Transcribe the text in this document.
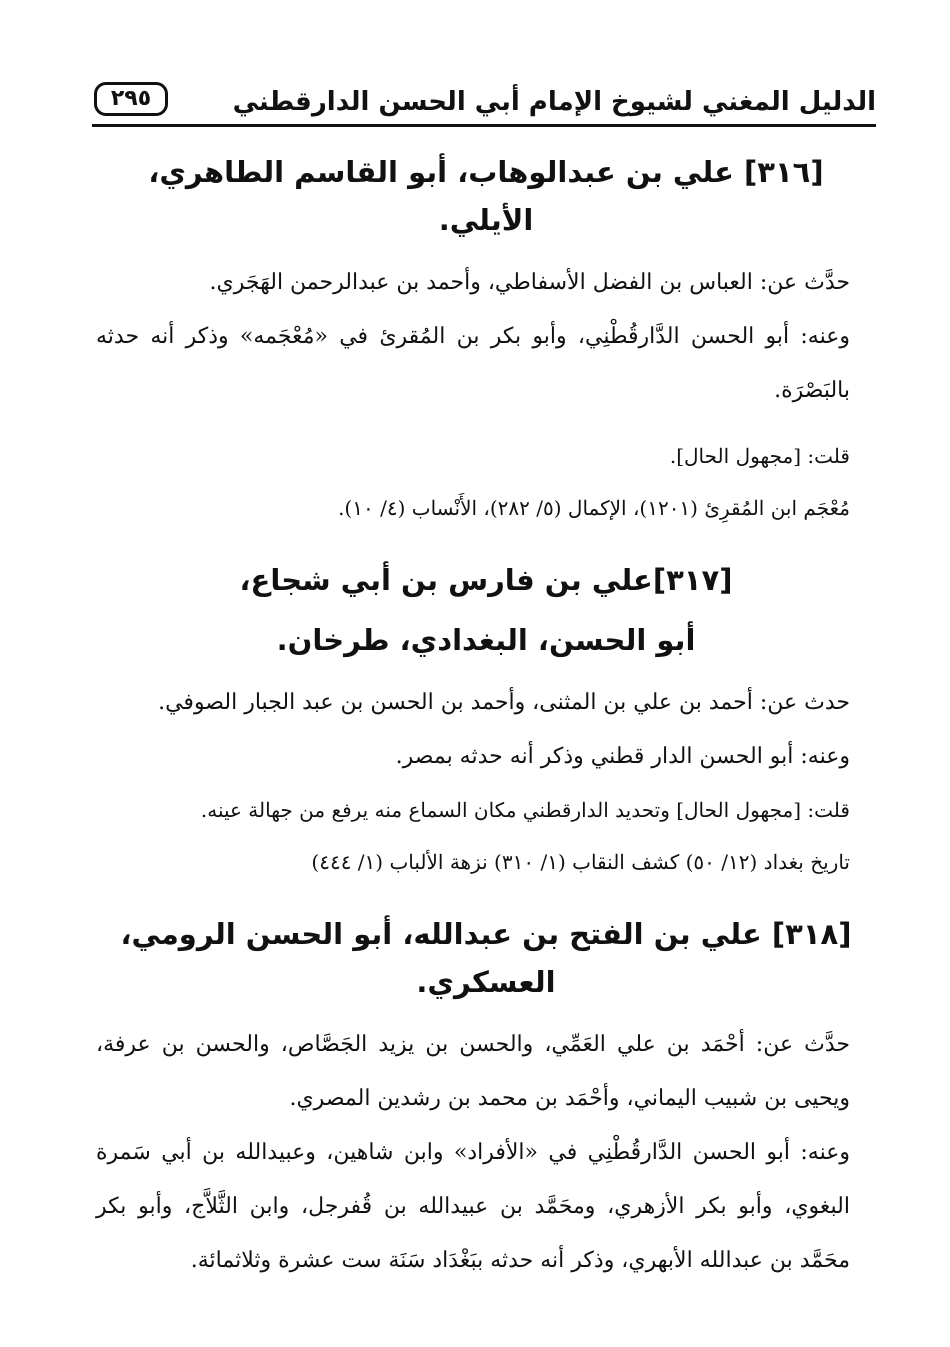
الدليل المغني لشيوخ الإمام أبي الحسن الدارقطني
٢٩٥
[٣١٦] علي بن عبدالوهاب، أبو القاسم الطاهري، الأيلي.

حدَّث عن: العباس بن الفضل الأسفاطي، وأحمد بن عبدالرحمن الهَجَري.

وعنه: أبو الحسن الدَّارقُطْنِي، وأبو بكر بن المُقرئ في «مُعْجَمه» وذكر أنه حدثه بالبَصْرَة.

قلت: [مجهول الحال].

مُعْجَم ابن المُقرِئ (١٢٠١)، الإكمال (٥/ ٢٨٢)، الأَنْساب (٤/ ١٠).

[٣١٧]علي بن فارس بن أبي شجاع،
أبو الحسن، البغدادي، طرخان.

حدث عن: أحمد بن علي بن المثنى، وأحمد بن الحسن بن عبد الجبار الصوفي.

وعنه: أبو الحسن الدار قطني وذكر أنه حدثه بمصر.

قلت: [مجهول الحال] وتحديد الدارقطني مكان السماع منه يرفع من جهالة عينه.

تاريخ بغداد (١٢/ ٥٠) كشف النقاب (١/ ٣١٠) نزهة الألباب (١/ ٤٤٤)

[٣١٨] علي بن الفتح بن عبدالله، أبو الحسن الرومي، العسكري.

حدَّث عن: أحْمَد بن علي العَمِّي، والحسن بن يزيد الجَصَّاص، والحسن بن عرفة، ويحيى بن شبيب اليماني، وأحْمَد بن محمد بن رشدين المصري.

وعنه: أبو الحسن الدَّارقُطْنِي في «الأفراد» وابن شاهين، وعبيدالله بن أبي سَمرة البغوي، وأبو بكر الأزهري، ومحَمَّد بن عبيدالله بن قُفرجل، وابن الثَّلاَّج، وأبو بكر محَمَّد بن عبدالله الأبهري، وذكر أنه حدثه ببَغْدَاد سَنَة ست عشرة وثلاثمائة.
